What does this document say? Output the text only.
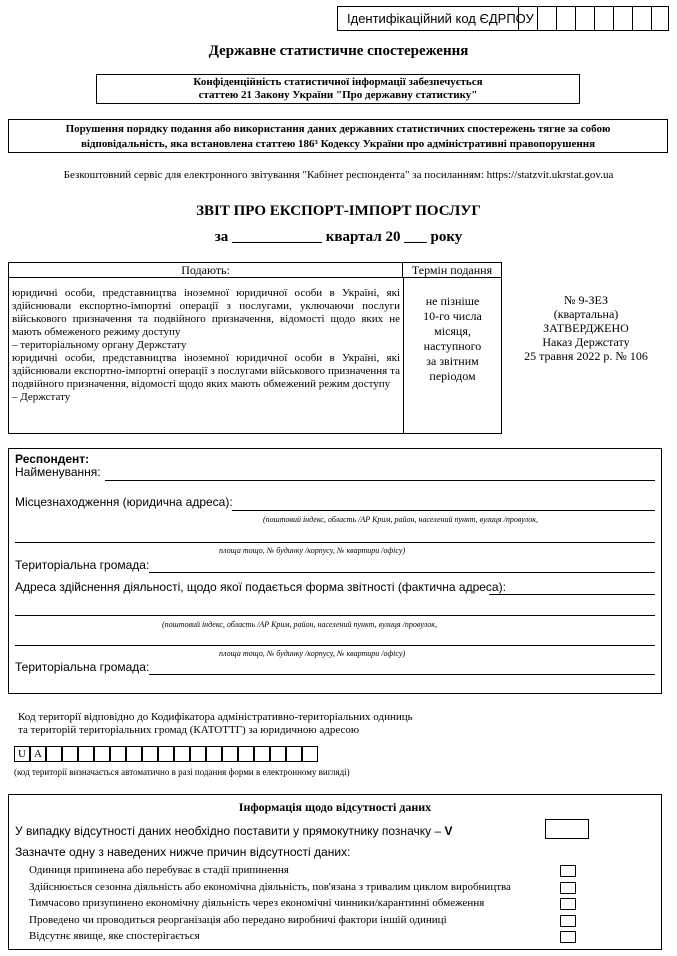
Ідентифікаційний код ЄДРПОУ
Державне статистичне спостереження
Конфіденційність статистичної інформації забезпечується
статтею 21 Закону України "Про державну статистику"
Порушення порядку подання або використання даних державних статистичних спостережень тягне за собою
відповідальність, яка встановлена статтею 186³ Кодексу України про адміністративні правопорушення
Безкоштовний сервіс для електронного звітування "Кабінет респондента" за посиланням: https://statzvit.ukrstat.gov.ua
ЗВІТ ПРО ЕКСПОРТ-ІМПОРТ ПОСЛУГ
за ____________ квартал 20 ___ року
Подають:	Термін подання
юридичні особи, представництва іноземної юридичної особи в Україні, які здійснювали експортно-імпортні операції з послугами, уключаючи послуги військового призначення та подвійного призначення, відомості щодо яких не мають обмеженого режиму доступу
– територіальному органу Держстату
юридичні особи, представництва іноземної юридичної особи в Україні, які здійснювали експортно-імпортні операції з послугами військового призначення та подвійного призначення, відомості щодо яких мають обмежений режим доступу
– Держстату
не пізніше
10-го числа
місяця,
наступного
за звітним
періодом
№ 9-ЗЕЗ
(квартальна)
ЗАТВЕРДЖЕНО
Наказ Держстату
25 травня 2022 р. № 106
Респондент:
Найменування:
Місцезнаходження (юридична адреса):
(поштовий індекс, область /АР Крим, район, населений пункт, вулиця /провулок,
площа тощо, № будинку /корпусу, № квартири /офісу)
Територіальна громада:
Адреса здійснення діяльності, щодо якої подається форма звітності (фактична адреса):
(поштовий індекс, область /АР Крим, район, населений пункт, вулиця /провулок,
площа тощо, № будинку /корпусу, № квартири /офісу)
Територіальна громада:
Код території відповідно до Кодифікатора адміністративно-територіальних одиниць
та територій територіальних громад (КАТОТТГ) за юридичною адресою
U A
(код території визначається автоматично в разі подання форми в електронному вигляді)
Інформація щодо відсутності даних
У випадку відсутності даних необхідно поставити у прямокутнику позначку – V
Зазначте одну з наведених нижче причин відсутності даних:
Одиниця припинена або перебуває в стадії припинення
Здійснюється сезонна діяльність або економічна діяльність, пов'язана з тривалим циклом виробництва
Тимчасово призупинено економічну діяльність через економічні чинники/карантинні обмеження
Проведено чи проводиться реорганізація або передано виробничі фактори іншій одиниці
Відсутнє явище, яке спостерігається
